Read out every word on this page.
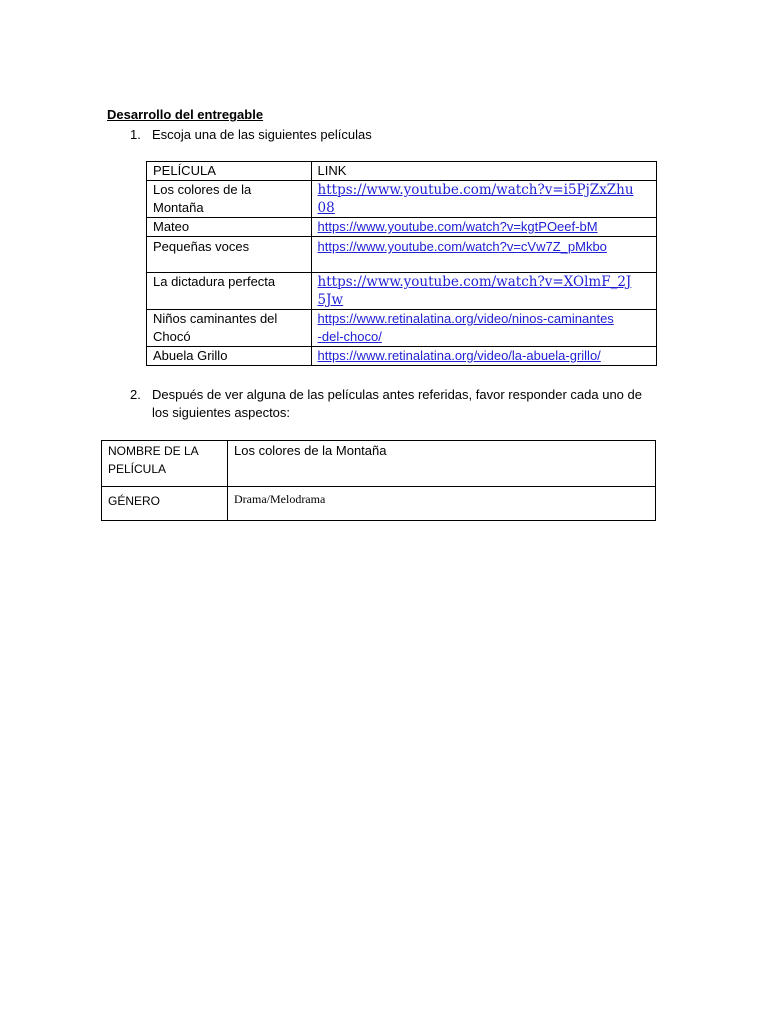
Desarrollo del entregable
1. Escoja una de las siguientes películas
PELÍCULA	LINK
Los colores de la Montaña	https://www.youtube.com/watch?v=i5PjZxZhu
08
Mateo	https://www.youtube.com/watch?v=kgtPOeef-bM
Pequeñas voces	https://www.youtube.com/watch?v=cVw7Z_pMkbo
La dictadura perfecta	https://www.youtube.com/watch?v=XOlmF_2J
5Jw
Niños caminantes del Chocó	https://www.retinalatina.org/video/ninos-caminantes
-del-choco/
Abuela Grillo	https://www.retinalatina.org/video/la-abuela-grillo/
2. Después de ver alguna de las películas antes referidas, favor responder cada uno de los siguientes aspectos:
NOMBRE DE LA PELÍCULA	Los colores de la Montaña
GÉNERO	Drama/Melodrama
